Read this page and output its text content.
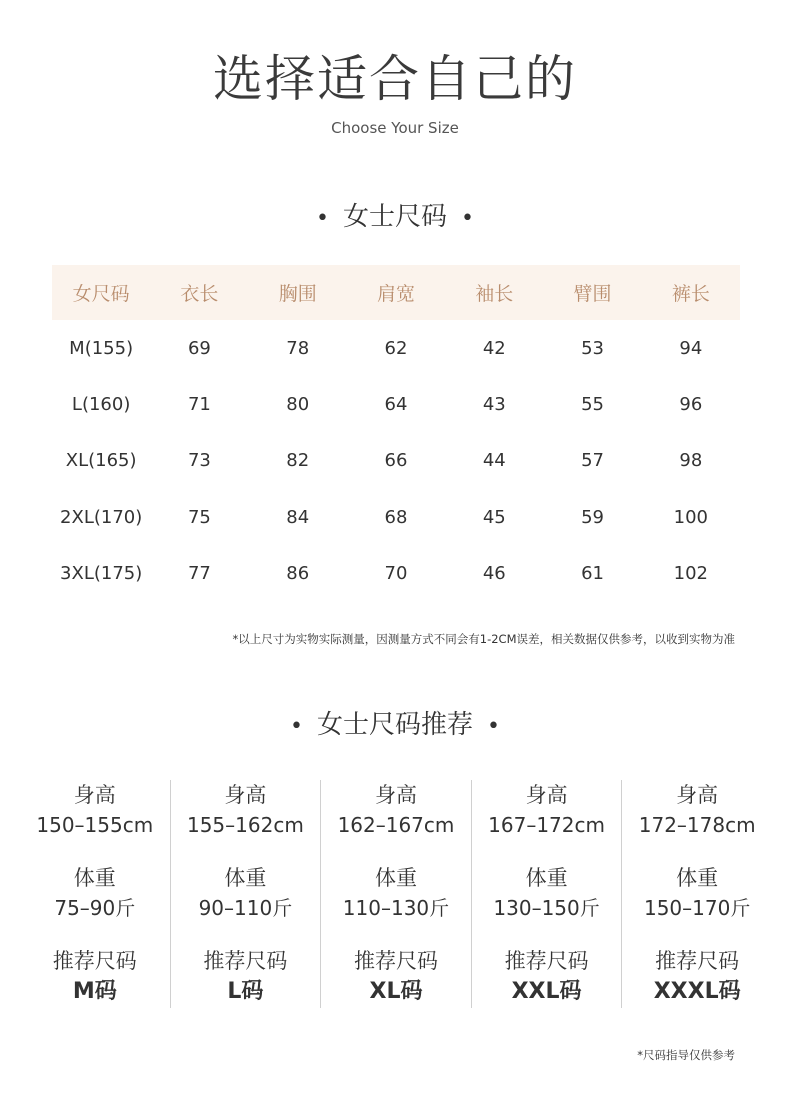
选择适合自己的
Choose Your Size
• 女士尺码 •
女尺码	衣长	胸围	肩宽	袖长	臂围	裤长
M(155)	69	78	62	42	53	94
L(160)	71	80	64	43	55	96
XL(165)	73	82	66	44	57	98
2XL(170)	75	84	68	45	59	100
3XL(175)	77	86	70	46	61	102
*以上尺寸为实物实际测量，因测量方式不同会有1-2CM误差，相关数据仅供参考，以收到实物为准
• 女士尺码推荐 •
身高
150–155cm
体重
75–90斤
推荐尺码
M码
身高
155–162cm
体重
90–110斤
推荐尺码
L码
身高
162–167cm
体重
110–130斤
推荐尺码
XL码
身高
167–172cm
体重
130–150斤
推荐尺码
XXL码
身高
172–178cm
体重
150–170斤
推荐尺码
XXXL码
*尺码指导仅供参考
